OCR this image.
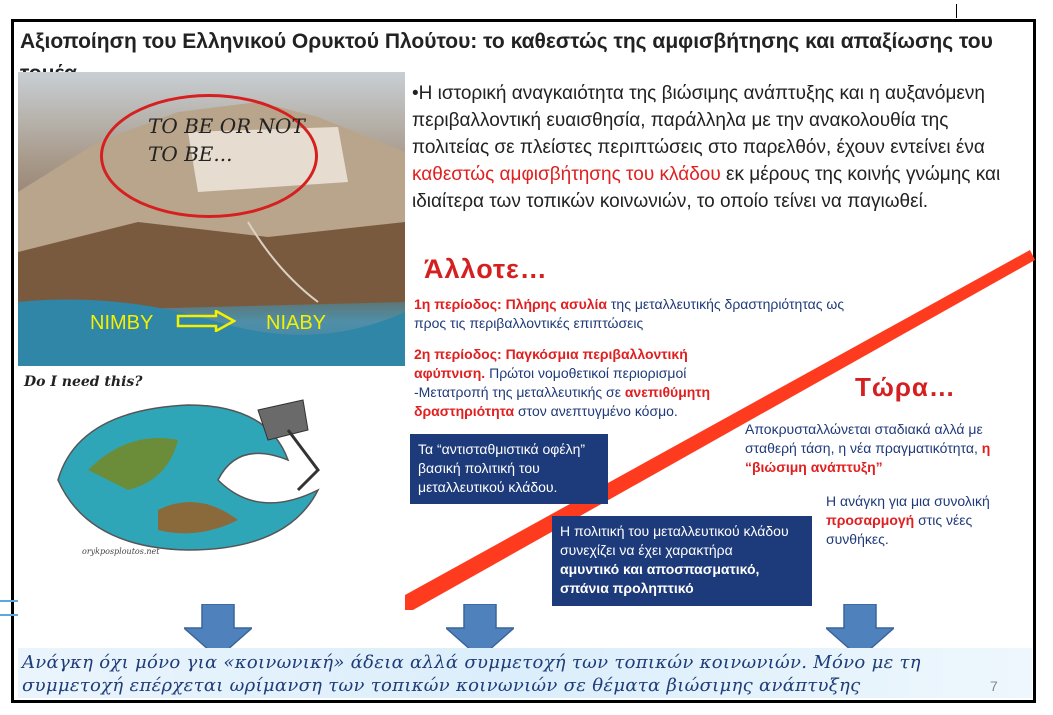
Αξιοποίηση του Ελληνικού Ορυκτού Πλούτου: το καθεστώς της αμφισβήτησης και απαξίωσης του
TO BE OR NOT
TO BE...
NIMBY	NIABY
Do I need this?
orykposploutos.net
•Η ιστορική αναγκαιότητα της βιώσιμης ανάπτυξης και η αυξανόμενη περιβαλλοντική ευαισθησία, παράλληλα με την ανακολουθία της πολιτείας σε πλείστες περιπτώσεις στο παρελθόν, έχουν εντείνει ένα καθεστώς αμφισβήτησης του κλάδου εκ μέρους της κοινής γνώμης και ιδιαίτερα των τοπικών κοινωνιών, το οποίο τείνει να παγιωθεί.
Άλλοτε…
1η περίοδος: Πλήρης ασυλία της μεταλλευτικής δραστηριότητας ως προς τις περιβαλλοντικές επιπτώσεις
2η περίοδος: Παγκόσμια περιβαλλοντική αφύπνιση. Πρώτοι νομοθετικοί περιορισμοί
-Μετατροπή της μεταλλευτικής σε ανεπιθύμητη δραστηριότητα στον ανεπτυγμένο κόσμο.
Τα “αντισταθμιστικά οφέλη” βασική πολιτική του μεταλλευτικού κλάδου.
Η πολιτική του μεταλλευτικού κλάδου συνεχίζει να έχει χαρακτήρα
αμυντικό και αποσπασματικό, σπάνια προληπτικό
Τώρα…
Αποκρυσταλλώνεται σταδιακά αλλά με σταθερή τάση, η νέα πραγματικότητα, η “βιώσιμη ανάπτυξη”
Η ανάγκη για μια συνολική προσαρμογή στις νέες συνθήκες.
Ανάγκη όχι μόνο για «κοινωνική» άδεια αλλά συμμετοχή των τοπικών κοινωνιών. Μόνο με τη συμμετοχή επέρχεται ωρίμανση των τοπικών κοινωνιών σε θέματα βιώσιμης ανάπτυξης	7
